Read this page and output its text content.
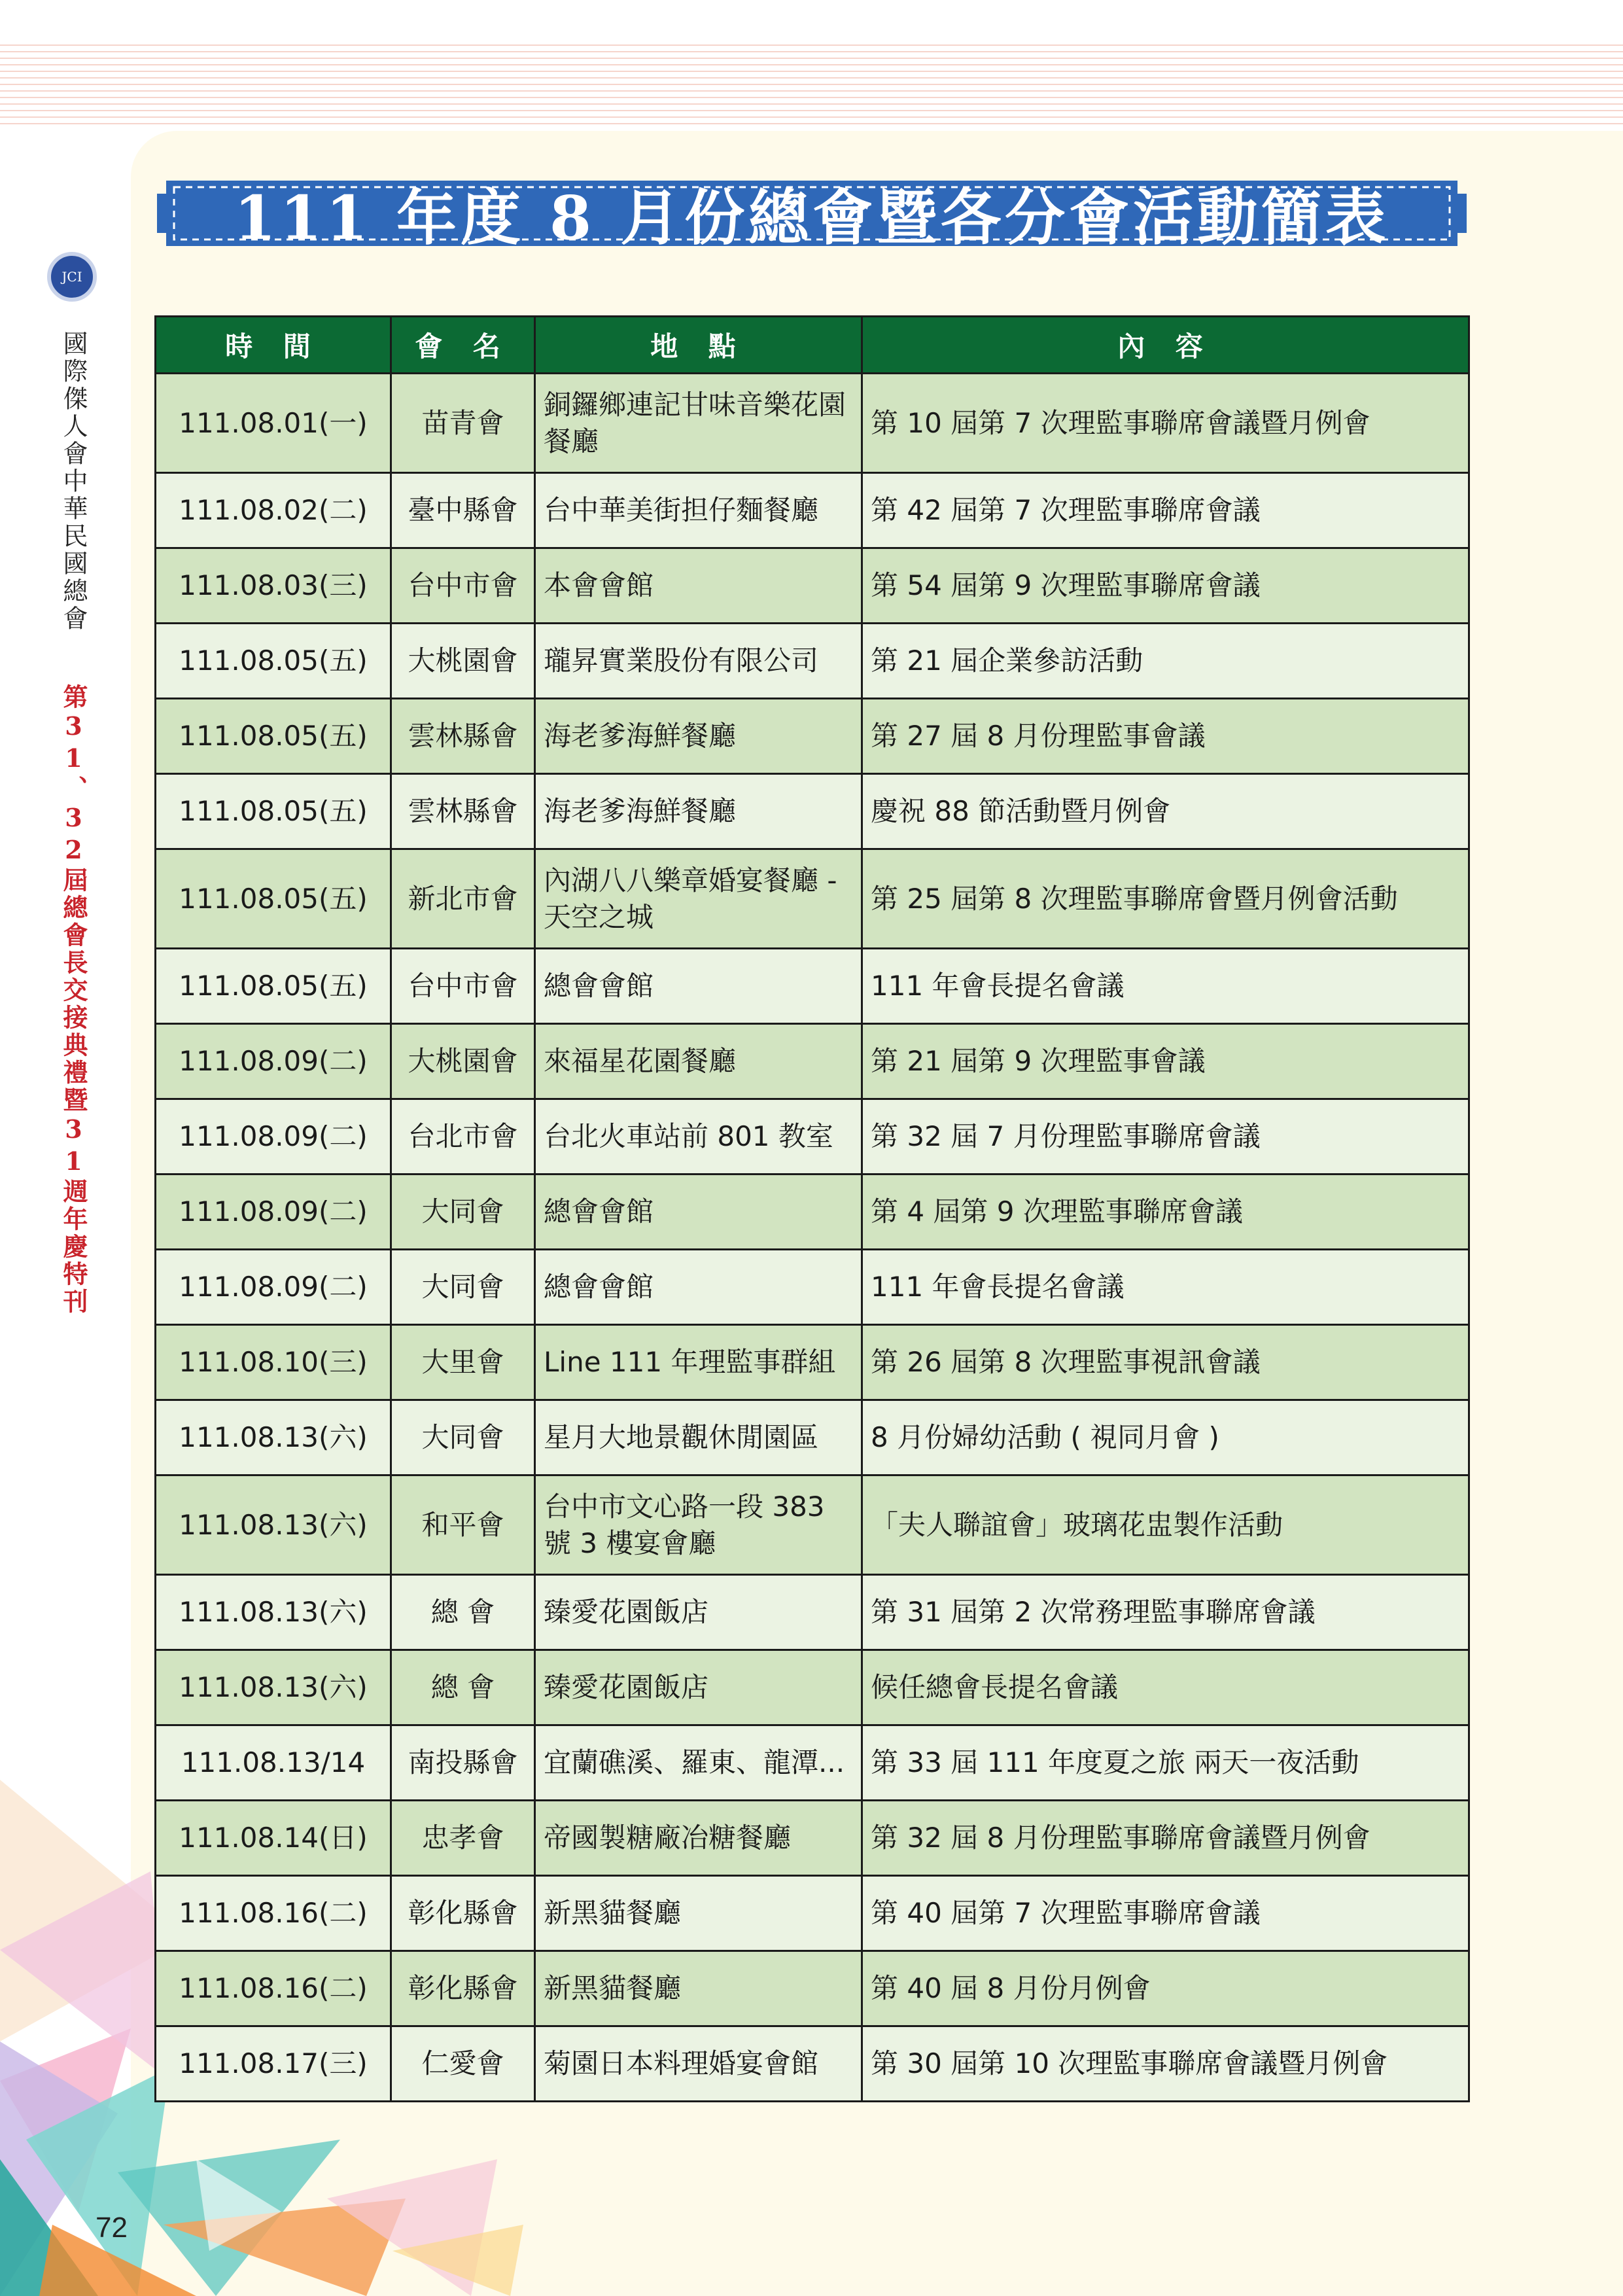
JCI
國際傑人會中華民國總會 第31、32屆總會長交接典禮暨31週年慶特刊
111 年度 8 月份總會暨各分會活動簡表
時 間	會 名	地 點	內 容
111.08.01(一)	苗青會	銅鑼鄉連記甘味音樂花園餐廳	第 10 屆第 7 次理監事聯席會議暨月例會
111.08.02(二)	臺中縣會	台中華美街担仔麵餐廳	第 42 屆第 7 次理監事聯席會議
111.08.03(三)	台中市會	本會會館	第 54 屆第 9 次理監事聯席會議
111.08.05(五)	大桃園會	瓏昇實業股份有限公司	第 21 屆企業參訪活動
111.08.05(五)	雲林縣會	海老爹海鮮餐廳	第 27 屆 8 月份理監事會議
111.08.05(五)	雲林縣會	海老爹海鮮餐廳	慶祝 88 節活動暨月例會
111.08.05(五)	新北市會	內湖八八樂章婚宴餐廳 - 天空之城	第 25 屆第 8 次理監事聯席會暨月例會活動
111.08.05(五)	台中市會	總會會館	111 年會長提名會議
111.08.09(二)	大桃園會	來福星花園餐廳	第 21 屆第 9 次理監事會議
111.08.09(二)	台北市會	台北火車站前 801 教室	第 32 屆 7 月份理監事聯席會議
111.08.09(二)	大同會	總會會館	第 4 屆第 9 次理監事聯席會議
111.08.09(二)	大同會	總會會館	111 年會長提名會議
111.08.10(三)	大里會	Line 111 年理監事群組	第 26 屆第 8 次理監事視訊會議
111.08.13(六)	大同會	星月大地景觀休閒園區	8 月份婦幼活動 ( 視同月會 )
111.08.13(六)	和平會	台中市文心路一段 383 號 3 樓宴會廳	「夫人聯誼會」玻璃花盅製作活動
111.08.13(六)	總 會	臻愛花園飯店	第 31 屆第 2 次常務理監事聯席會議
111.08.13(六)	總 會	臻愛花園飯店	候任總會長提名會議
111.08.13/14	南投縣會	宜蘭礁溪、羅東、龍潭...	第 33 屆 111 年度夏之旅 兩天一夜活動
111.08.14(日)	忠孝會	帝國製糖廠冶糖餐廳	第 32 屆 8 月份理監事聯席會議暨月例會
111.08.16(二)	彰化縣會	新黑貓餐廳	第 40 屆第 7 次理監事聯席會議
111.08.16(二)	彰化縣會	新黑貓餐廳	第 40 屆 8 月份月例會
111.08.17(三)	仁愛會	菊園日本料理婚宴會館	第 30 屆第 10 次理監事聯席會議暨月例會
72
